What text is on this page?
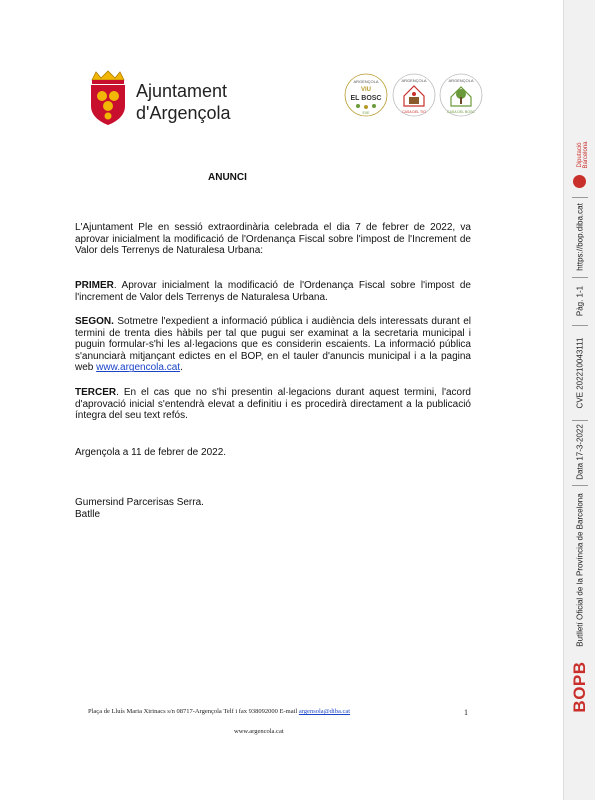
Ajuntament
d'Argençola
ARGENÇOLA
VIU
EL BOSC
EXE
ARGENÇOLA
CASA DEL TIO
ARGENÇOLA
CASA DEL BOSC
ANUNCI
L'Ajuntament Ple en sessió extraordinària celebrada el dia 7 de febrer de 2022, va aprovar inicialment la modificació de l'Ordenança Fiscal sobre l'impost de l'Increment de Valor dels Terrenys de Naturalesa Urbana:
PRIMER. Aprovar inicialment la modificació de l'Ordenança Fiscal sobre l'impost de l'increment de Valor dels Terrenys de Naturalesa Urbana.
SEGON. Sotmetre l'expedient a informació pública i audiència dels interessats durant el termini de trenta dies hàbils per tal que pugui ser examinat a la secretaria municipal i puguin formular-s'hi les al·legacions que es considerin escaients. La informació pública s'anunciarà mitjançant edictes en el BOP, en el tauler d'anuncis municipal i a la pagina web www.argencola.cat.
TERCER. En el cas que no s'hi presentin al·legacions durant aquest termini, l'acord d'aprovació inicial s'entendrà elevat a definitiu i es procedirà directament a la publicació íntegra del seu text refós.
Argençola a 11 de febrer de 2022.
Gumersind Parcerisas Serra.
Batlle
Plaça de Lluís Maria Xirinacs s/n 08717-Argençola Telf i fax 938092000 E-mail argensola@diba.cat	1
www.argencola.cat
Diputació Barcelona
https://bop.diba.cat
Pàg. 1-1
CVE 202210043111
Data 17-3-2022
Butlletí Oficial de la Província de Barcelona
BOPB
